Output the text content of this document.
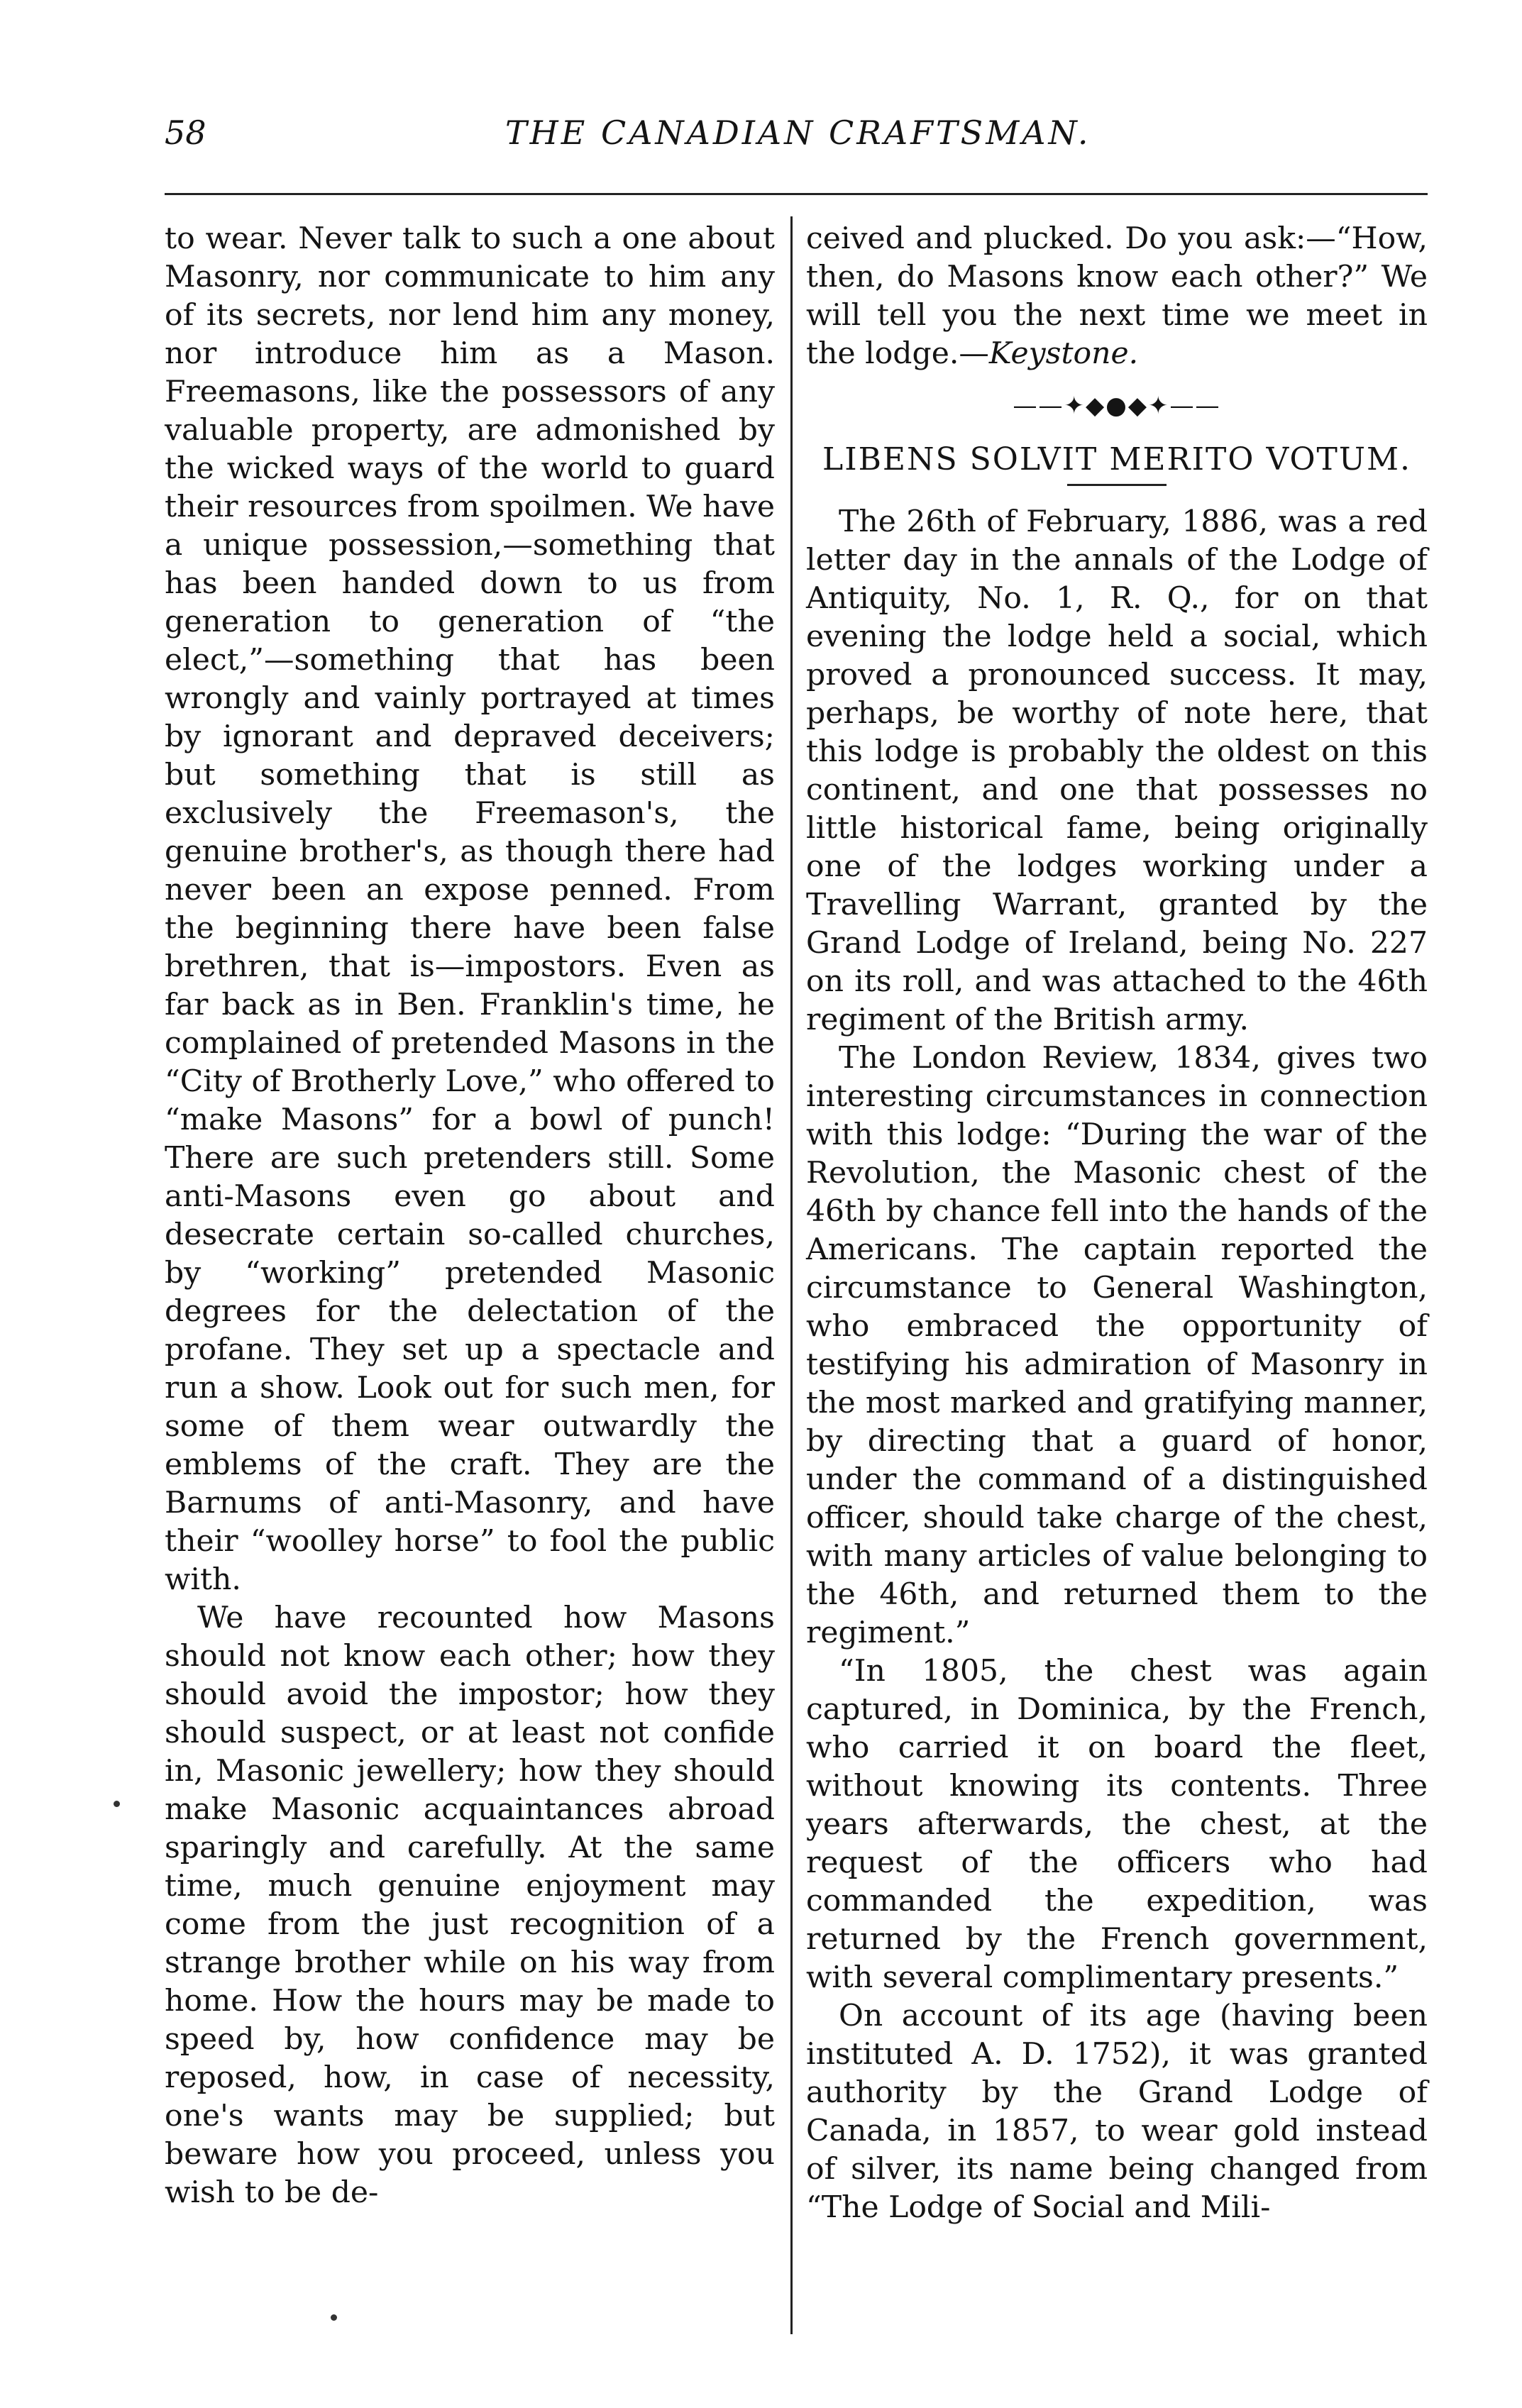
58	THE CANADIAN CRAFTSMAN.

to wear. Never talk to such a one about Masonry, nor communicate to him any of its secrets, nor lend him any money, nor introduce him as a Mason. Freemasons, like the possessors of any valuable property, are admonished by the wicked ways of the world to guard their resources from spoilmen. We have a unique possession,—something that has been handed down to us from generation to generation of “the elect,”—something that has been wrongly and vainly portrayed at times by ignorant and depraved deceivers; but something that is still as exclusively the Freemason's, the genuine brother's, as though there had never been an expose penned. From the beginning there have been false brethren, that is—impostors. Even as far back as in Ben. Franklin's time, he complained of pretended Masons in the “City of Brotherly Love,” who offered to “make Masons” for a bowl of punch! There are such pretenders still. Some anti-Masons even go about and desecrate certain so-called churches, by “working” pretended Masonic degrees for the delectation of the profane. They set up a spectacle and run a show. Look out for such men, for some of them wear outwardly the emblems of the craft. They are the Barnums of anti-Masonry, and have their “woolley horse” to fool the public with.

We have recounted how Masons should not know each other; how they should avoid the impostor; how they should suspect, or at least not confide in, Masonic jewellery; how they should make Masonic acquaintances abroad sparingly and carefully. At the same time, much genuine enjoyment may come from the just recognition of a strange brother while on his way from home. How the hours may be made to speed by, how confidence may be reposed, how, in case of necessity, one's wants may be supplied; but beware how you proceed, unless you wish to be de-

ceived and plucked. Do you ask:—“How, then, do Masons know each other?” We will tell you the next time we meet in the lodge.—Keystone.

——✦◆●◆✦——
LIBENS SOLVIT MERITO VOTUM.

The 26th of February, 1886, was a red letter day in the annals of the Lodge of Antiquity, No. 1, R. Q., for on that evening the lodge held a social, which proved a pronounced success. It may, perhaps, be worthy of note here, that this lodge is probably the oldest on this continent, and one that possesses no little historical fame, being originally one of the lodges working under a Travelling Warrant, granted by the Grand Lodge of Ireland, being No. 227 on its roll, and was attached to the 46th regiment of the British army.

The London Review, 1834, gives two interesting circumstances in connection with this lodge: “During the war of the Revolution, the Masonic chest of the 46th by chance fell into the hands of the Americans. The captain reported the circumstance to General Washington, who embraced the opportunity of testifying his admiration of Masonry in the most marked and gratifying manner, by directing that a guard of honor, under the command of a distinguished officer, should take charge of the chest, with many articles of value belonging to the 46th, and returned them to the regiment.”

“In 1805, the chest was again captured, in Dominica, by the French, who carried it on board the fleet, without knowing its contents. Three years afterwards, the chest, at the request of the officers who had commanded the expedition, was returned by the French government, with several complimentary presents.”

On account of its age (having been instituted A. D. 1752), it was granted authority by the Grand Lodge of Canada, in 1857, to wear gold instead of silver, its name being changed from “The Lodge of Social and Mili-
